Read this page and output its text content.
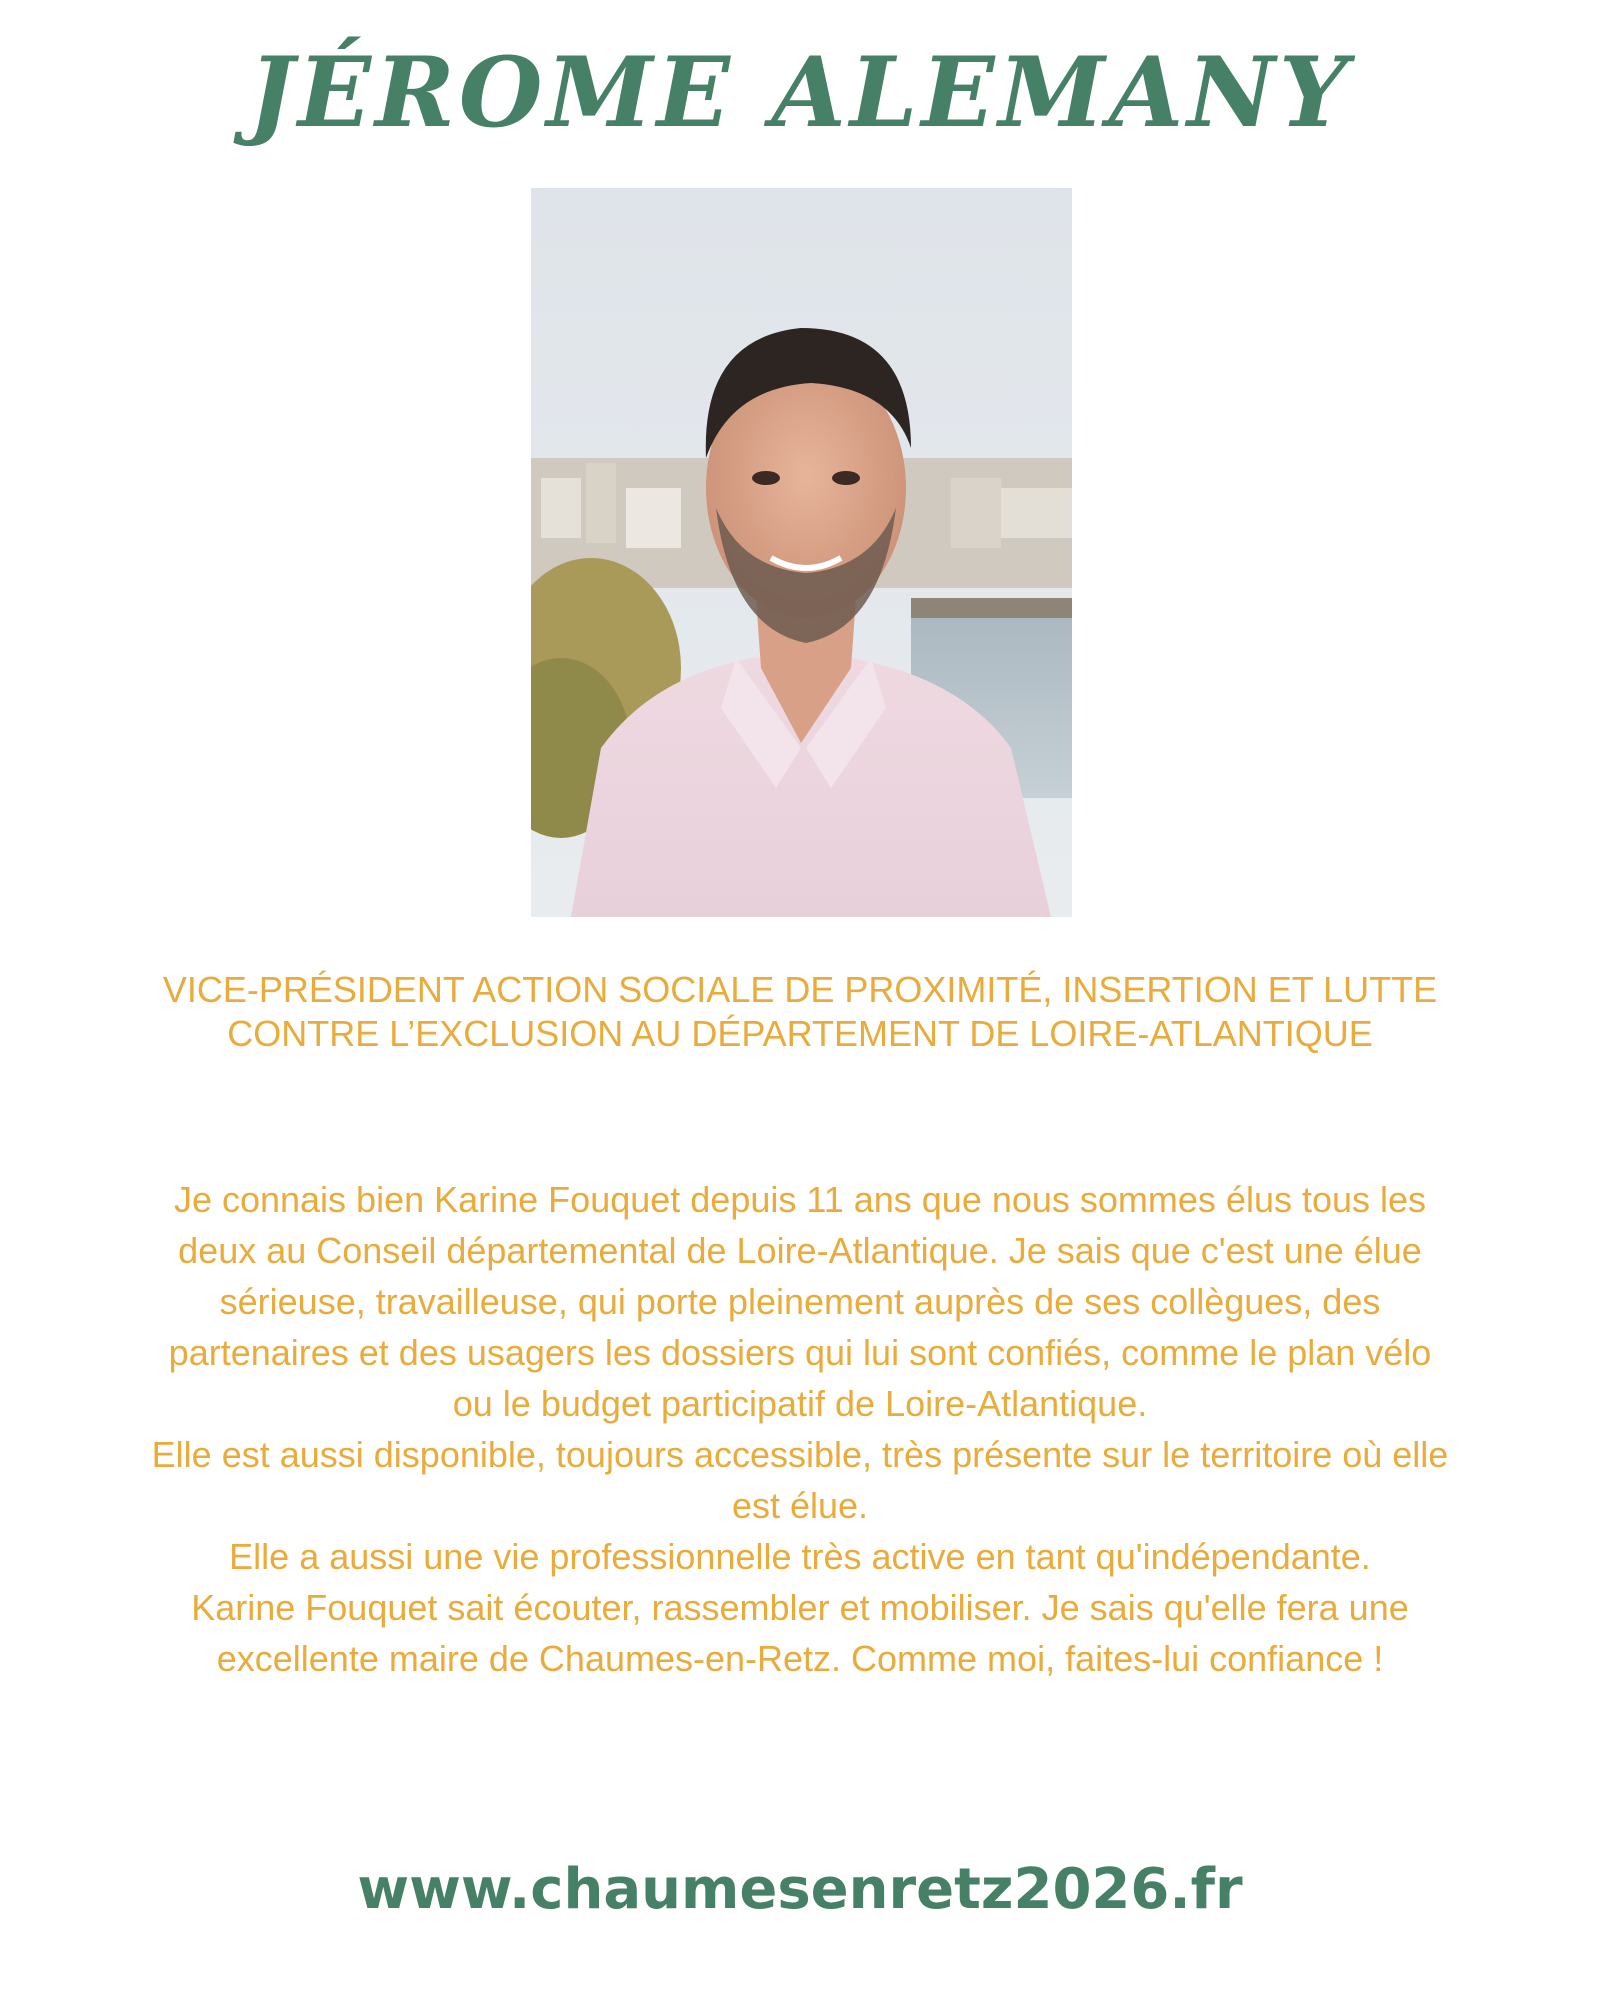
JÉROME ALEMANY

VICE-PRÉSIDENT ACTION SOCIALE DE PROXIMITÉ, INSERTION ET LUTTE CONTRE L’EXCLUSION AU DÉPARTEMENT DE LOIRE-ATLANTIQUE

Je connais bien Karine Fouquet depuis 11 ans que nous sommes élus tous les deux au Conseil départemental de Loire-Atlantique. Je sais que c'est une élue sérieuse, travailleuse, qui porte pleinement auprès de ses collègues, des partenaires et des usagers les dossiers qui lui sont confiés, comme le plan vélo ou le budget participatif de Loire-Atlantique.

Elle est aussi disponible, toujours accessible, très présente sur le territoire où elle est élue.

Elle a aussi une vie professionnelle très active en tant qu'indépendante.

Karine Fouquet sait écouter, rassembler et mobiliser. Je sais qu'elle fera une excellente maire de Chaumes-en-Retz. Comme moi, faites-lui confiance !

www.chaumesenretz2026.fr
